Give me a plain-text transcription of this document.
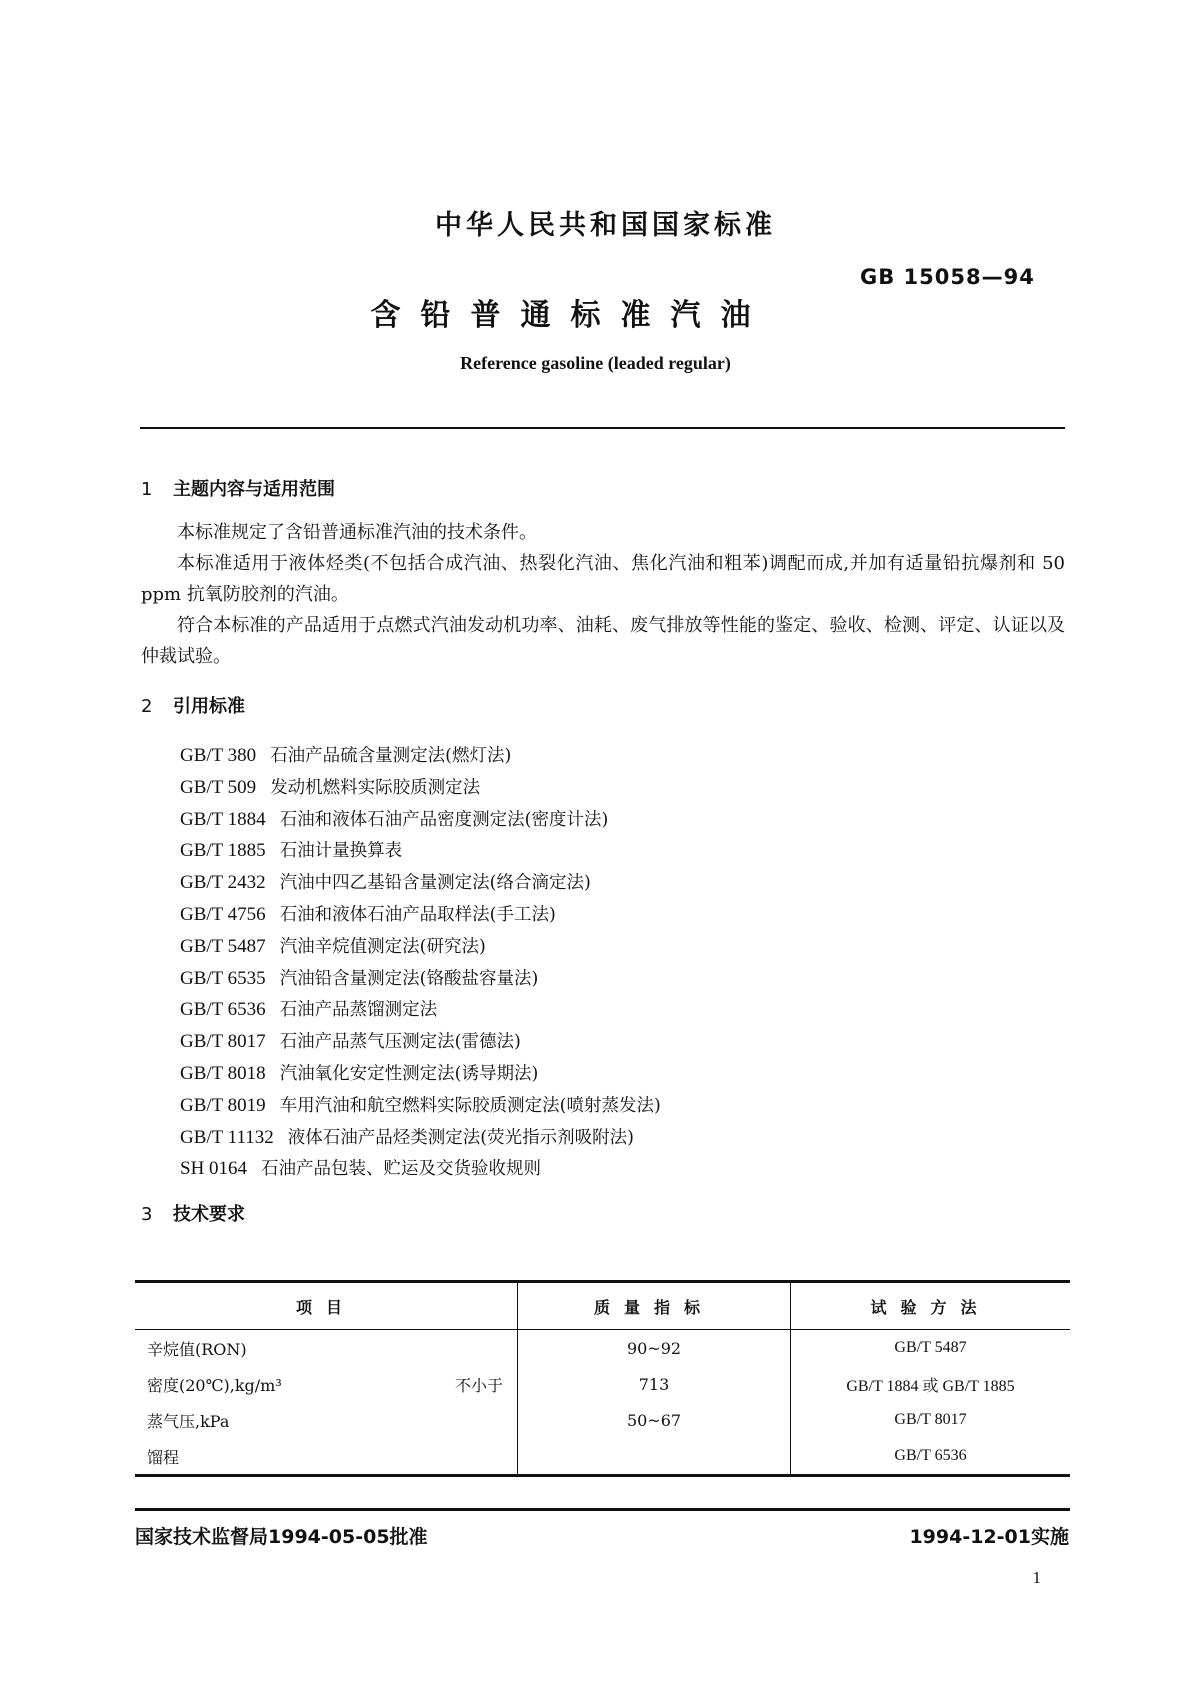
中华人民共和国国家标准
GB 15058—94
含铅普通标准汽油
Reference gasoline (leaded regular)
1 主题内容与适用范围
本标准规定了含铅普通标准汽油的技术条件。
本标准适用于液体烃类(不包括合成汽油、热裂化汽油、焦化汽油和粗苯)调配而成,并加有适量铅抗爆剂和 50 ppm 抗氧防胶剂的汽油。
符合本标准的产品适用于点燃式汽油发动机功率、油耗、废气排放等性能的鉴定、验收、检测、评定、认证以及仲裁试验。
2 引用标准
GB/T 380 石油产品硫含量测定法(燃灯法)
GB/T 509 发动机燃料实际胶质测定法
GB/T 1884 石油和液体石油产品密度测定法(密度计法)
GB/T 1885 石油计量换算表
GB/T 2432 汽油中四乙基铅含量测定法(络合滴定法)
GB/T 4756 石油和液体石油产品取样法(手工法)
GB/T 5487 汽油辛烷值测定法(研究法)
GB/T 6535 汽油铅含量测定法(铬酸盐容量法)
GB/T 6536 石油产品蒸馏测定法
GB/T 8017 石油产品蒸气压测定法(雷德法)
GB/T 8018 汽油氧化安定性测定法(诱导期法)
GB/T 8019 车用汽油和航空燃料实际胶质测定法(喷射蒸发法)
GB/T 11132 液体石油产品烃类测定法(荧光指示剂吸附法)
SH 0164 石油产品包装、贮运及交货验收规则
3 技术要求
项目	质量指标	试验方法

辛烷值(RON)	90~92	GB/T 5487

密度(20℃),kg/m³ 不小于	713	GB/T 1884 或 GB/T 1885

蒸气压,kPa	50~67	GB/T 8017

馏程		GB/T 6536
国家技术监督局1994-05-05批准	1994-12-01实施
1
